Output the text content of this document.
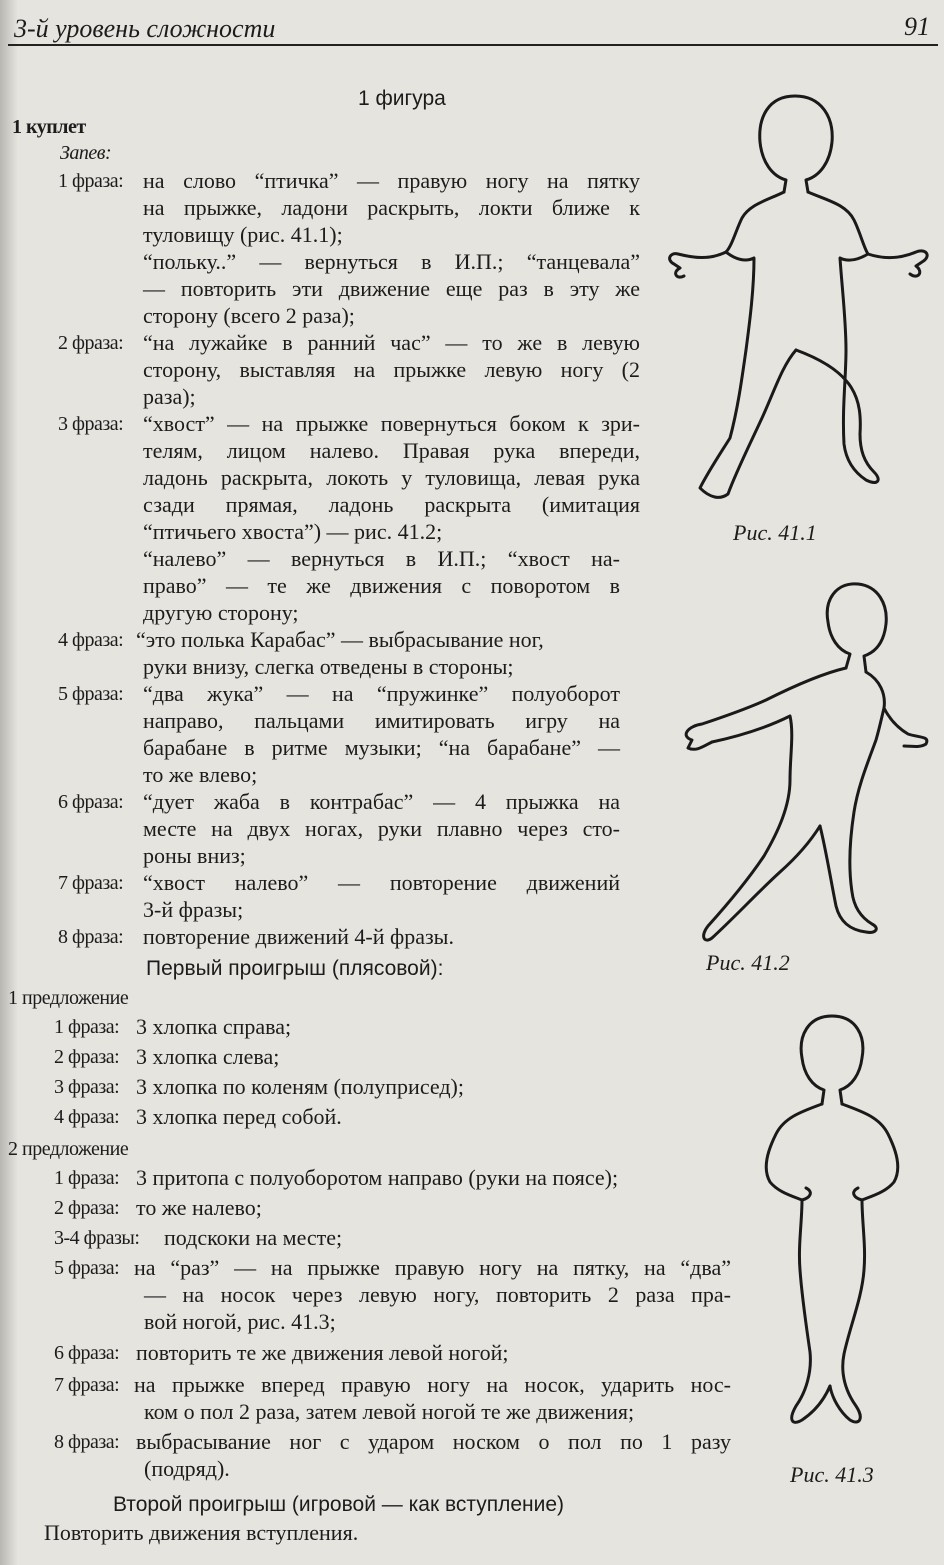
3-й уровень сложности	91
1 фигура
1 куплет
Запев:
1 фраза: на слово “птичка” — правую ногу на пятку
на прыжке, ладони раскрыть, локти ближе к
туловищу (рис. 41.1);
“польку..” — вернуться в И.П.; “танцевала”
— повторить эти движение еще раз в эту же
сторону (всего 2 раза);
2 фраза: “на лужайке в ранний час” — то же в левую
сторону, выставляя на прыжке левую ногу (2
раза);
3 фраза: “хвост” — на прыжке повернуться боком к зри-
телям, лицом налево. Правая рука впереди,
ладонь раскрыта, локоть у туловища, левая рука
сзади прямая, ладонь раскрыта (имитация
“птичьего хвоста”) — рис. 41.2;
“налево” — вернуться в И.П.; “хвост на-
право” — те же движения с поворотом в
другую сторону;
4 фраза: “это полька Карабас” — выбрасывание ног,
руки внизу, слегка отведены в стороны;
5 фраза: “два жука” — на “пружинке” полуоборот
направо, пальцами имитировать игру на
барабане в ритме музыки; “на барабане” —
то же влево;
6 фраза: “дует жаба в контрабас” — 4 прыжка на
месте на двух ногах, руки плавно через сто-
роны вниз;
7 фраза: “хвост налево” — повторение движений
3-й фразы;
8 фраза: повторение движений 4-й фразы.
Первый проигрыш (плясовой):
1 предложение
1 фраза: 3 хлопка справа;
2 фраза: 3 хлопка слева;
3 фраза: 3 хлопка по коленям (полуприсед);
4 фраза: 3 хлопка перед собой.
2 предложение
1 фраза: 3 притопа с полуоборотом направо (руки на поясе);
2 фраза: то же налево;
3-4 фразы: подскоки на месте;
5 фраза: на “раз” — на прыжке правую ногу на пятку, на “два”
— на носок через левую ногу, повторить 2 раза пра-
вой ногой, рис. 41.3;
6 фраза: повторить те же движения левой ногой;
7 фраза: на прыжке вперед правую ногу на носок, ударить нос-
ком о пол 2 раза, затем левой ногой те же движения;
8 фраза: выбрасывание ног с ударом носком о пол по 1 разу
(подряд).
Второй проигрыш (игровой — как вступление)
Повторить движения вступления.
Рис. 41.1
Рис. 41.2
Рис. 41.3
